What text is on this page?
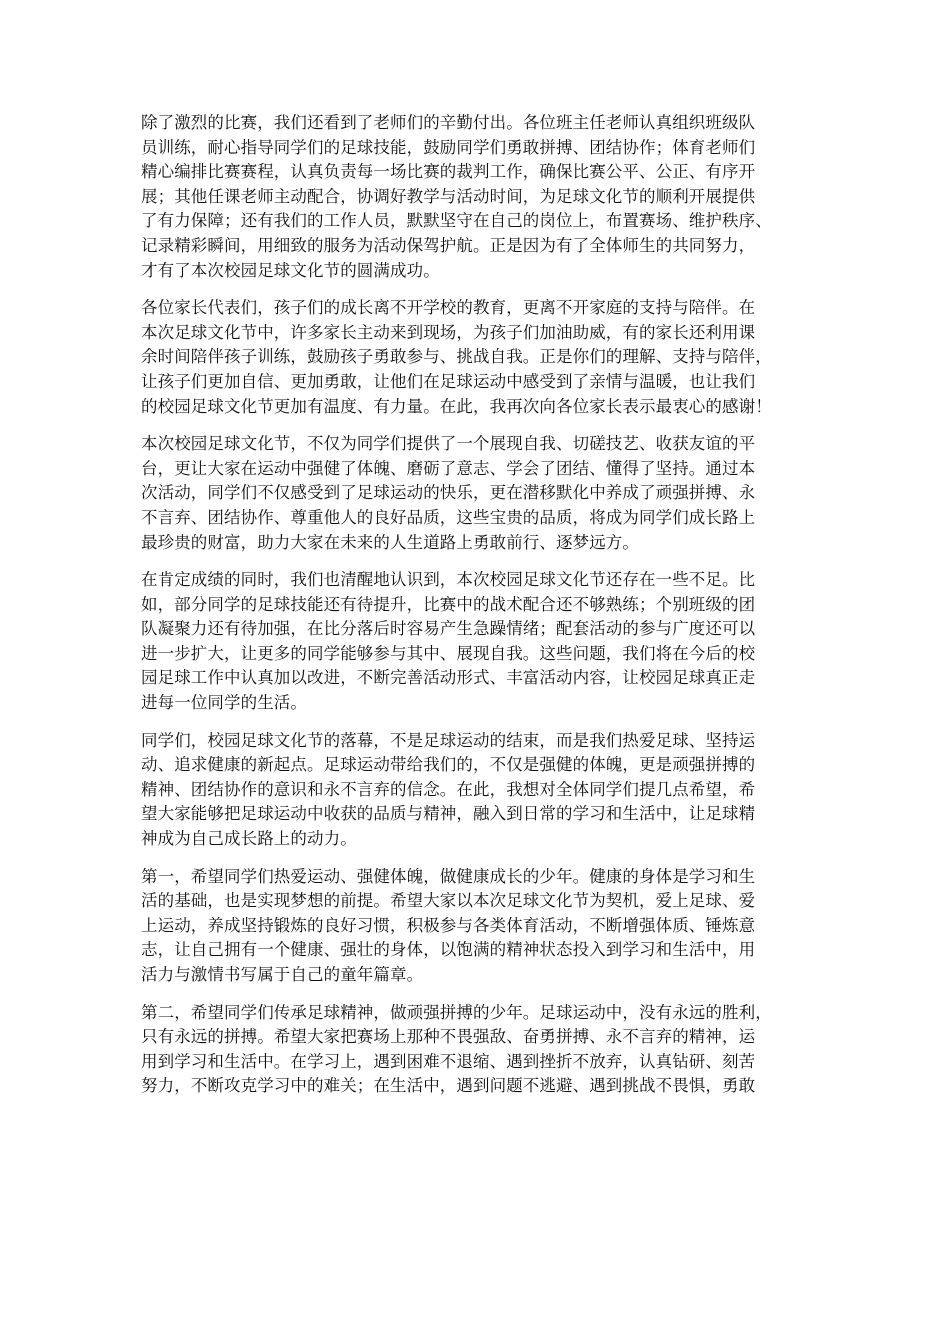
除了激烈的比赛，我们还看到了老师们的辛勤付出。各位班主任老师认真组织班级队
员训练，耐心指导同学们的足球技能，鼓励同学们勇敢拼搏、团结协作；体育老师们
精心编排比赛赛程，认真负责每一场比赛的裁判工作，确保比赛公平、公正、有序开
展；其他任课老师主动配合，协调好教学与活动时间，为足球文化节的顺利开展提供
了有力保障；还有我们的工作人员，默默坚守在自己的岗位上，布置赛场、维护秩序、
记录精彩瞬间，用细致的服务为活动保驾护航。正是因为有了全体师生的共同努力，
才有了本次校园足球文化节的圆满成功。

各位家长代表们，孩子们的成长离不开学校的教育，更离不开家庭的支持与陪伴。在
本次足球文化节中，许多家长主动来到现场，为孩子们加油助威，有的家长还利用课
余时间陪伴孩子训练，鼓励孩子勇敢参与、挑战自我。正是你们的理解、支持与陪伴，
让孩子们更加自信、更加勇敢，让他们在足球运动中感受到了亲情与温暖，也让我们
的校园足球文化节更加有温度、有力量。在此，我再次向各位家长表示最衷心的感谢！

本次校园足球文化节，不仅为同学们提供了一个展现自我、切磋技艺、收获友谊的平
台，更让大家在运动中强健了体魄、磨砺了意志、学会了团结、懂得了坚持。通过本
次活动，同学们不仅感受到了足球运动的快乐，更在潜移默化中养成了顽强拼搏、永
不言弃、团结协作、尊重他人的良好品质，这些宝贵的品质，将成为同学们成长路上
最珍贵的财富，助力大家在未来的人生道路上勇敢前行、逐梦远方。

在肯定成绩的同时，我们也清醒地认识到，本次校园足球文化节还存在一些不足。比
如，部分同学的足球技能还有待提升，比赛中的战术配合还不够熟练；个别班级的团
队凝聚力还有待加强，在比分落后时容易产生急躁情绪；配套活动的参与广度还可以
进一步扩大，让更多的同学能够参与其中、展现自我。这些问题，我们将在今后的校
园足球工作中认真加以改进，不断完善活动形式、丰富活动内容，让校园足球真正走
进每一位同学的生活。

同学们，校园足球文化节的落幕，不是足球运动的结束，而是我们热爱足球、坚持运
动、追求健康的新起点。足球运动带给我们的，不仅是强健的体魄，更是顽强拼搏的
精神、团结协作的意识和永不言弃的信念。在此，我想对全体同学们提几点希望，希
望大家能够把足球运动中收获的品质与精神，融入到日常的学习和生活中，让足球精
神成为自己成长路上的动力。

第一，希望同学们热爱运动、强健体魄，做健康成长的少年。健康的身体是学习和生
活的基础，也是实现梦想的前提。希望大家以本次足球文化节为契机，爱上足球、爱
上运动，养成坚持锻炼的良好习惯，积极参与各类体育活动，不断增强体质、锤炼意
志，让自己拥有一个健康、强壮的身体，以饱满的精神状态投入到学习和生活中，用
活力与激情书写属于自己的童年篇章。

第二，希望同学们传承足球精神，做顽强拼搏的少年。足球运动中，没有永远的胜利，
只有永远的拼搏。希望大家把赛场上那种不畏强敌、奋勇拼搏、永不言弃的精神，运
用到学习和生活中。在学习上，遇到困难不退缩、遇到挫折不放弃，认真钻研、刻苦
努力，不断攻克学习中的难关；在生活中，遇到问题不逃避、遇到挑战不畏惧，勇敢
